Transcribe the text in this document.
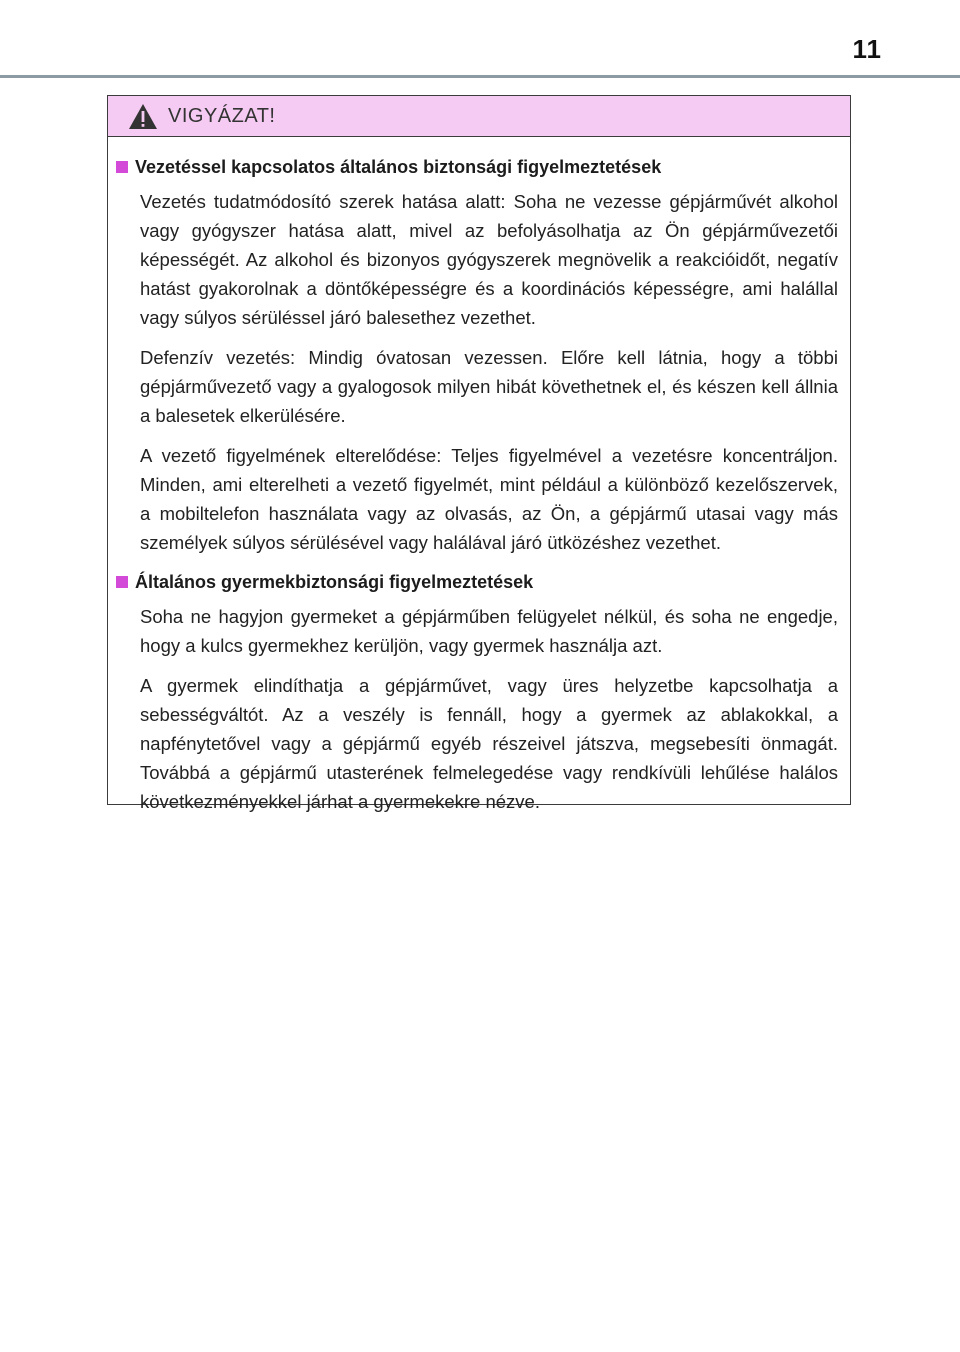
11
VIGYÁZAT!
Vezetéssel kapcsolatos általános biztonsági figyelmeztetések

Vezetés tudatmódosító szerek hatása alatt: Soha ne vezesse gépjárművét alkohol vagy gyógyszer hatása alatt, mivel az befolyásolhatja az Ön gépjárművezetői képességét. Az alkohol és bizonyos gyógyszerek megnövelik a reakcióidőt, negatív hatást gyakorolnak a döntőképességre és a koordinációs képességre, ami halállal vagy súlyos sérüléssel járó balesethez vezethet.

Defenzív vezetés: Mindig óvatosan vezessen. Előre kell látnia, hogy a többi gépjárművezető vagy a gyalogosok milyen hibát követhetnek el, és készen kell állnia a balesetek elkerülésére.

A vezető figyelmének elterelődése: Teljes figyelmével a vezetésre koncentráljon. Minden, ami elterelheti a vezető figyelmét, mint például a különböző kezelőszervek, a mobiltelefon használata vagy az olvasás, az Ön, a gépjármű utasai vagy más személyek súlyos sérülésével vagy halálával járó ütközéshez vezethet.

Általános gyermekbiztonsági figyelmeztetések

Soha ne hagyjon gyermeket a gépjárműben felügyelet nélkül, és soha ne engedje, hogy a kulcs gyermekhez kerüljön, vagy gyermek használja azt.

A gyermek elindíthatja a gépjárművet, vagy üres helyzetbe kapcsolhatja a sebességváltót. Az a veszély is fennáll, hogy a gyermek az ablakokkal, a napfénytetővel vagy a gépjármű egyéb részeivel játszva, megsebesíti önmagát. Továbbá a gépjármű utasterének felmelegedése vagy rendkívüli lehűlése halálos következményekkel járhat a gyermekekre nézve.
